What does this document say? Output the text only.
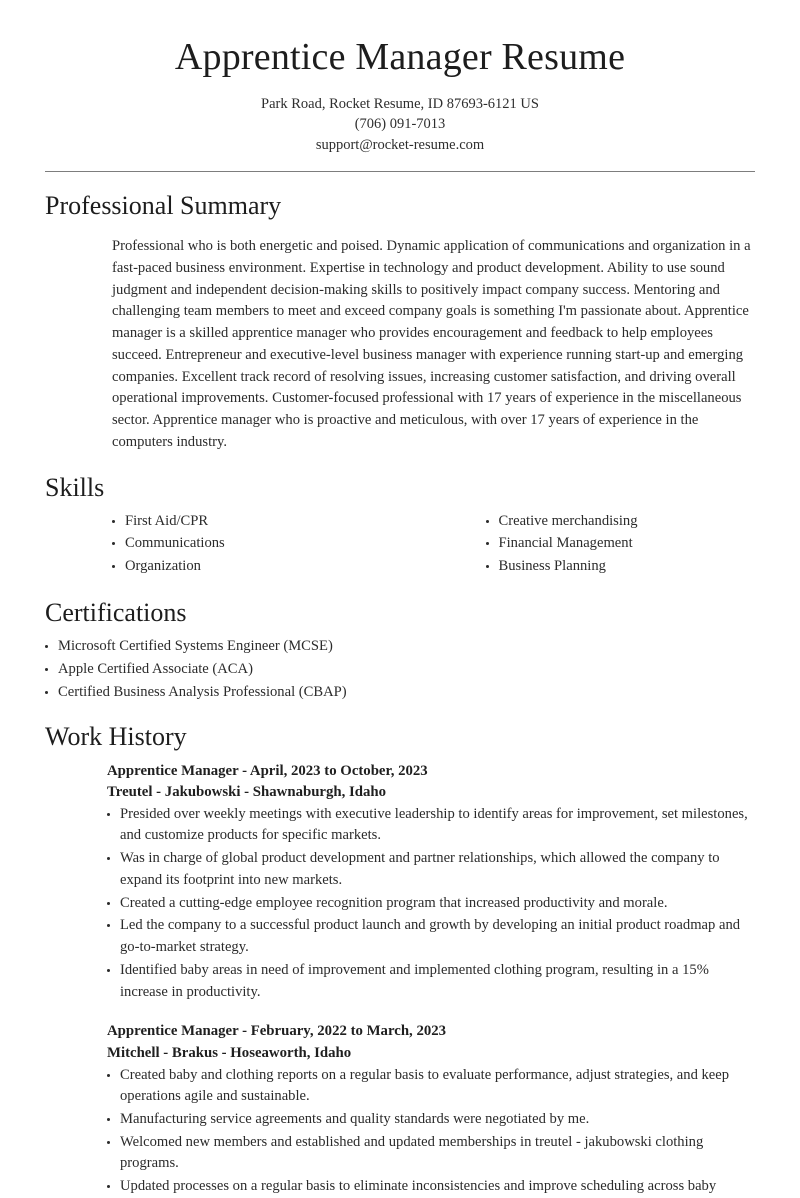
Apprentice Manager Resume
Park Road, Rocket Resume, ID 87693-6121 US
(706) 091-7013
support@rocket-resume.com
Professional Summary

Professional who is both energetic and poised. Dynamic application of communications and organization in a fast-paced business environment. Expertise in technology and product development. Ability to use sound judgment and independent decision-making skills to positively impact company success. Mentoring and challenging team members to meet and exceed company goals is something I'm passionate about. Apprentice manager is a skilled apprentice manager who provides encouragement and feedback to help employees succeed. Entrepreneur and executive-level business manager with experience running start-up and emerging companies. Excellent track record of resolving issues, increasing customer satisfaction, and driving overall operational improvements. Customer-focused professional with 17 years of experience in the miscellaneous sector. Apprentice manager who is proactive and meticulous, with over 17 years of experience in the computers industry.

Skills
First Aid/CPR
Communications
Organization
Creative merchandising
Financial Management
Business Planning
Certifications
Microsoft Certified Systems Engineer (MCSE)
Apple Certified Associate (ACA)
Certified Business Analysis Professional (CBAP)
Work History
Apprentice Manager - April, 2023 to October, 2023
Treutel - Jakubowski - Shawnaburgh, Idaho
Presided over weekly meetings with executive leadership to identify areas for improvement, set milestones, and customize products for specific markets.
Was in charge of global product development and partner relationships, which allowed the company to expand its footprint into new markets.
Created a cutting-edge employee recognition program that increased productivity and morale.
Led the company to a successful product launch and growth by developing an initial product roadmap and go-to-market strategy.
Identified baby areas in need of improvement and implemented clothing program, resulting in a 15% increase in productivity.
Apprentice Manager - February, 2022 to March, 2023
Mitchell - Brakus - Hoseaworth, Idaho
Created baby and clothing reports on a regular basis to evaluate performance, adjust strategies, and keep operations agile and sustainable.
Manufacturing service agreements and quality standards were negotiated by me.
Welcomed new members and established and updated memberships in treutel - jakubowski clothing programs.
Updated processes on a regular basis to eliminate inconsistencies and improve scheduling across baby
